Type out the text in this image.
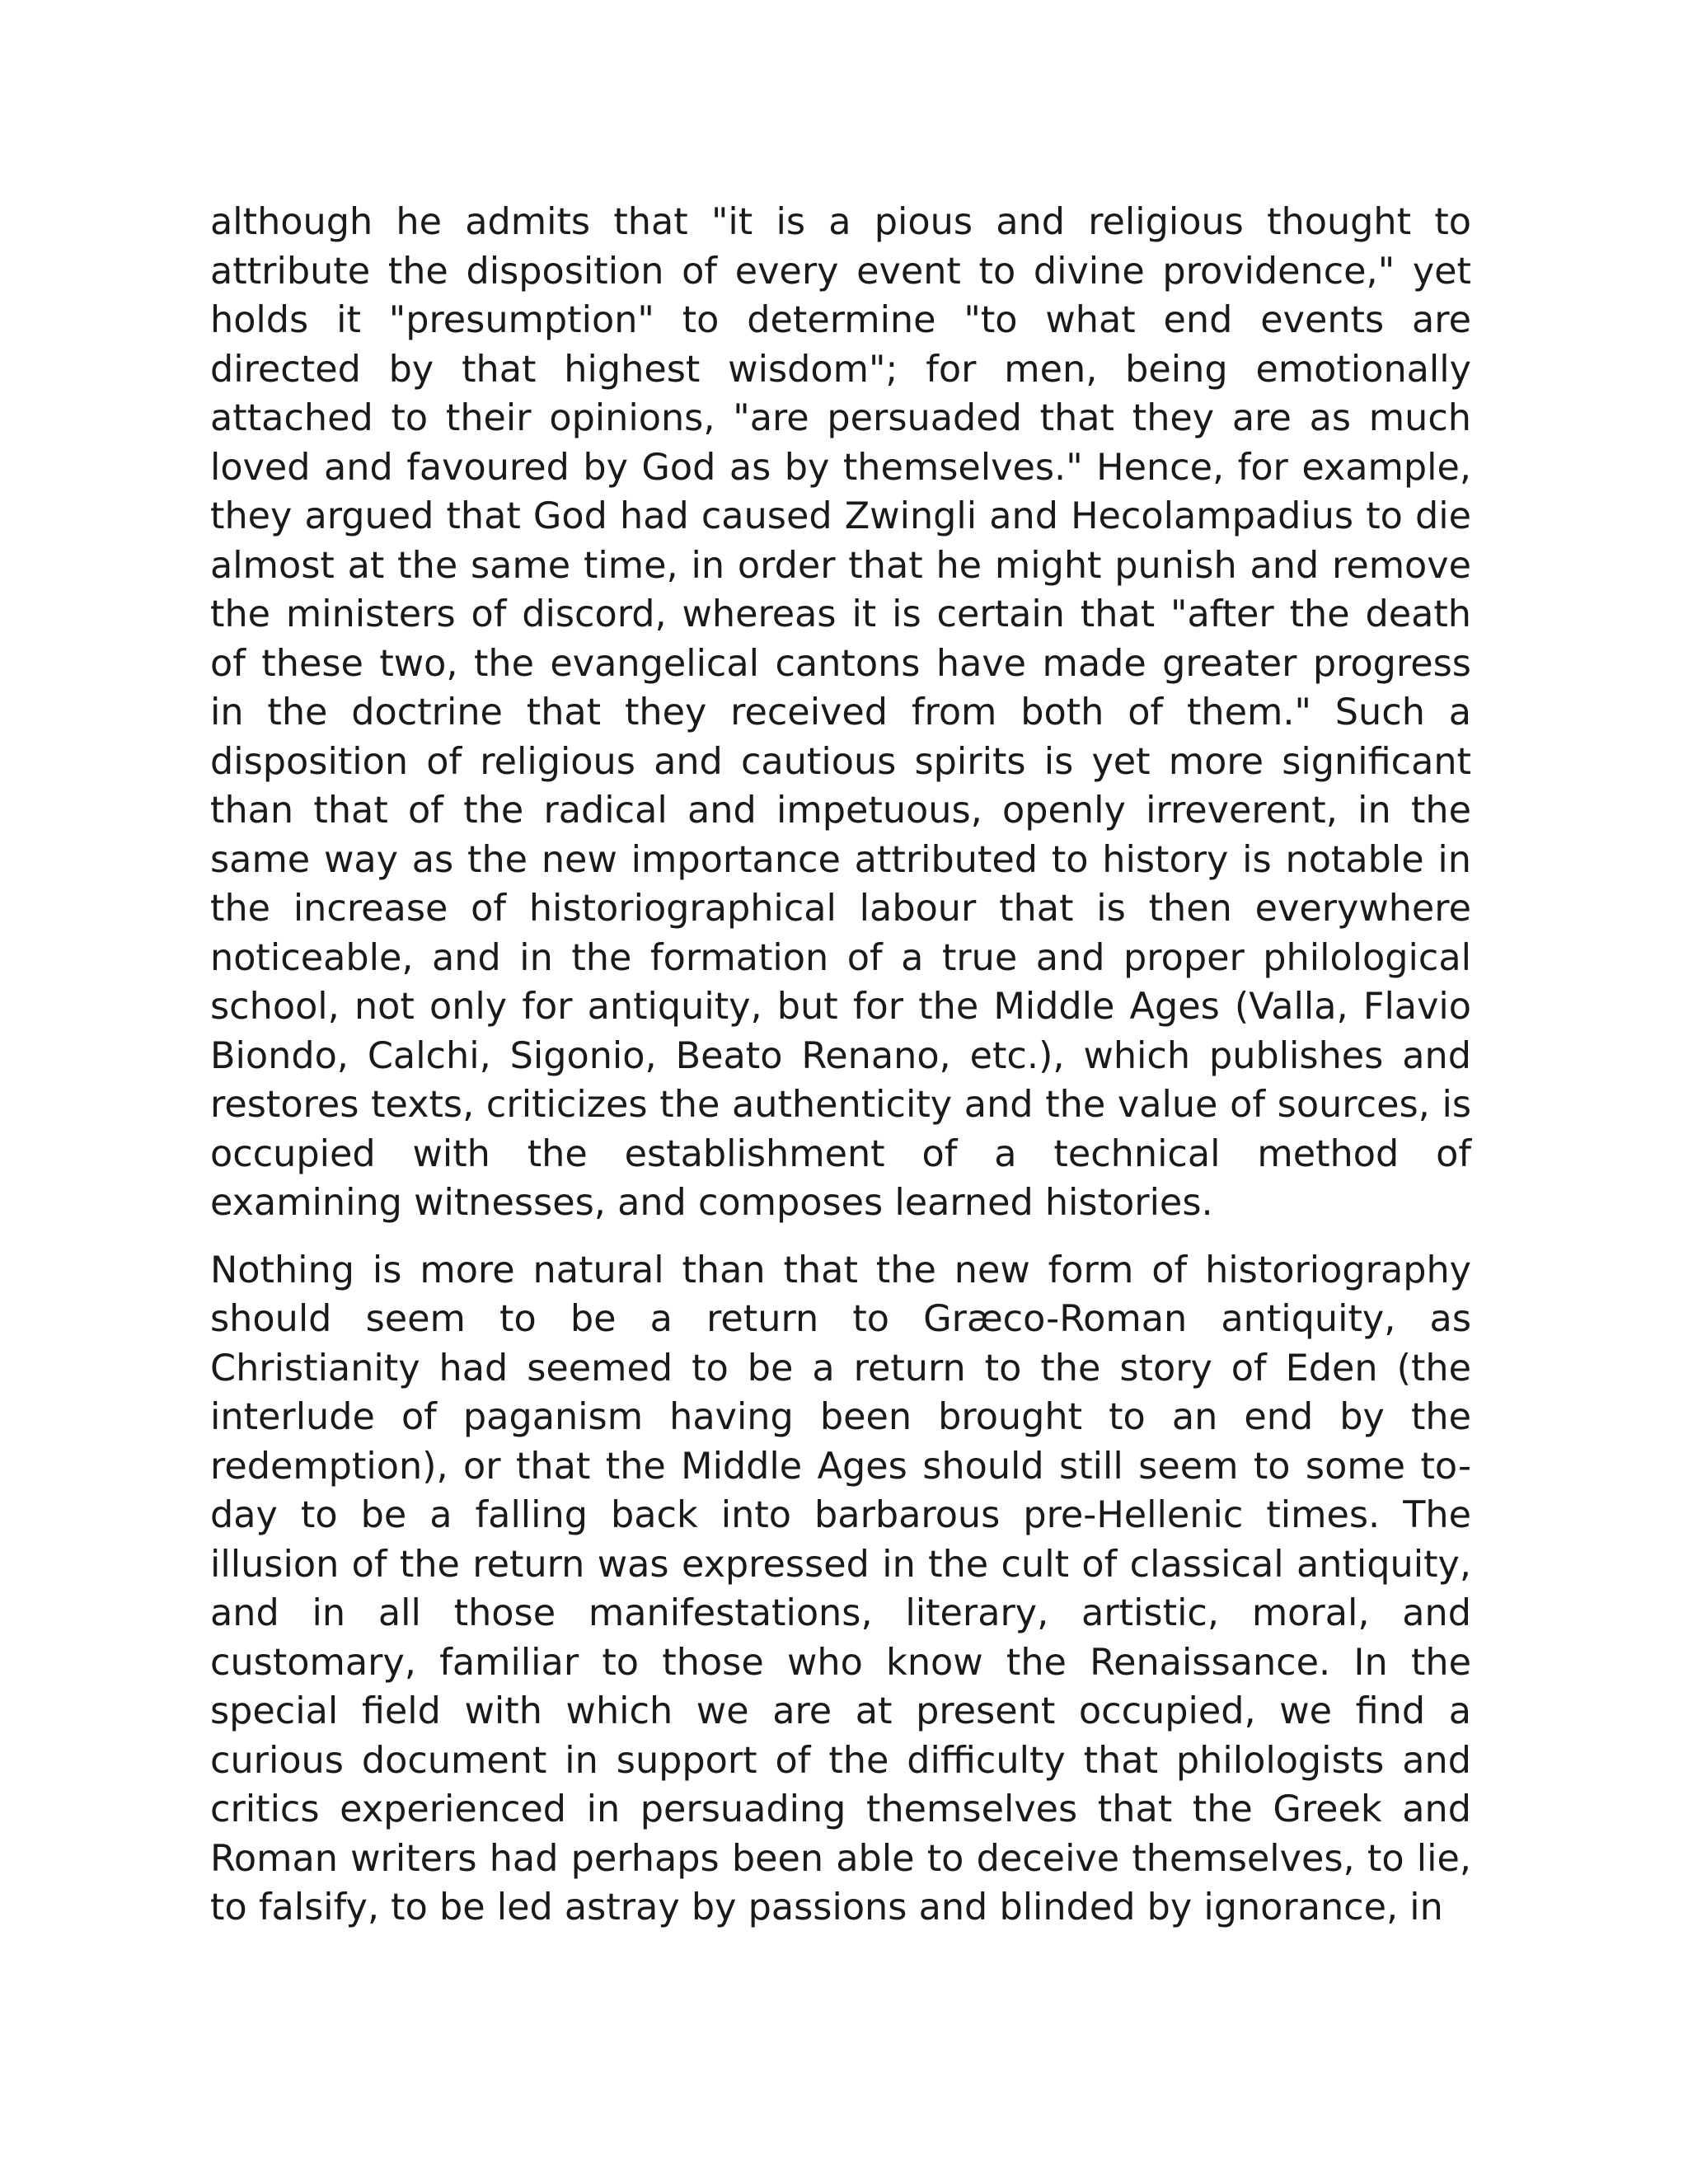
although he admits that "it is a pious and religious thought to attribute the disposition of every event to divine providence," yet holds it "presumption" to determine "to what end events are directed by that highest wisdom"; for men, being emotionally attached to their opinions, "are persuaded that they are as much loved and favoured by God as by themselves." Hence, for example, they argued that God had caused Zwingli and Hecolampadius to die almost at the same time, in order that he might punish and remove the ministers of discord, whereas it is certain that "after the death of these two, the evangelical cantons have made greater progress in the doctrine that they received from both of them." Such a disposition of religious and cautious spirits is yet more significant than that of the radical and impetuous, openly irreverent, in the same way as the new importance attributed to history is notable in the increase of historiographical labour that is then everywhere noticeable, and in the formation of a true and proper philological school, not only for antiquity, but for the Middle Ages (Valla, Flavio Biondo, Calchi, Sigonio, Beato Renano, etc.), which publishes and restores texts, criticizes the authenticity and the value of sources, is occupied with the establishment of a technical method of examining witnesses, and composes learned histories.

Nothing is more natural than that the new form of historiography should seem to be a return to Græco-Roman antiquity, as Christianity had seemed to be a return to the story of Eden (the interlude of paganism having been brought to an end by the redemption), or that the Middle Ages should still seem to some to-day to be a falling back into barbarous pre-Hellenic times. The illusion of the return was expressed in the cult of classical antiquity, and in all those manifestations, literary, artistic, moral, and customary, familiar to those who know the Renaissance. In the special field with which we are at present occupied, we find a curious document in support of the difficulty that philologists and critics experienced in persuading themselves that the Greek and Roman writers had perhaps been able to deceive themselves, to lie, to falsify, to be led astray by passions and blinded by ignorance, in
